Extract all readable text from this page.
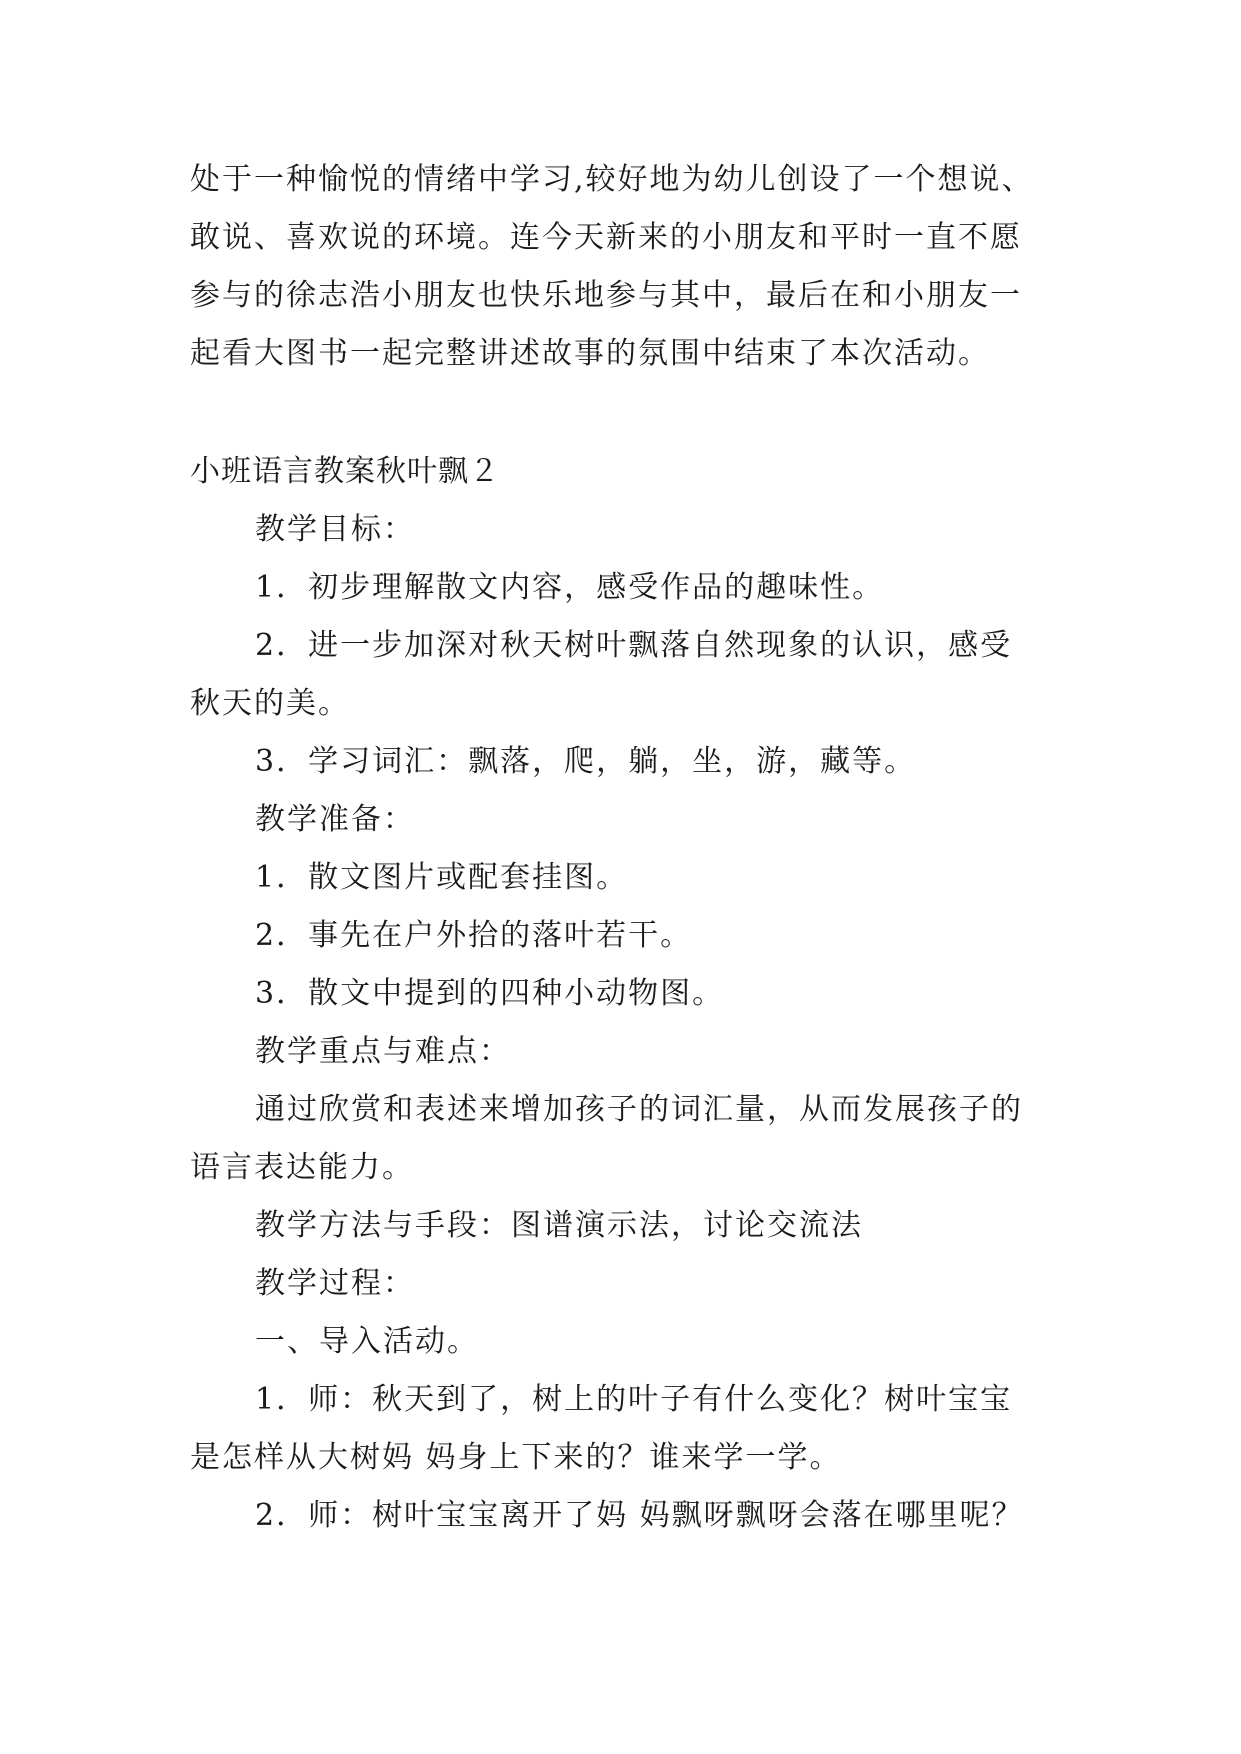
处于一种愉悦的情绪中学习,较好地为幼儿创设了一个想说、
敢说、喜欢说的环境。连今天新来的小朋友和平时一直不愿
参与的徐志浩小朋友也快乐地参与其中，最后在和小朋友一
起看大图书一起完整讲述故事的氛围中结束了本次活动。
小班语言教案秋叶飘２
教学目标：
1．初步理解散文内容，感受作品的趣味性。
2．进一步加深对秋天树叶飘落自然现象的认识，感受
秋天的美。
3．学习词汇：飘落，爬，躺，坐，游，藏等。
教学准备：
1．散文图片或配套挂图。
2．事先在户外拾的落叶若干。
3．散文中提到的四种小动物图。
教学重点与难点：
通过欣赏和表述来增加孩子的词汇量，从而发展孩子的
语言表达能力。
教学方法与手段：图谱演示法，讨论交流法
教学过程：
一、导入活动。
1．师：秋天到了，树上的叶子有什么变化？树叶宝宝
是怎样从大树妈 妈身上下来的？谁来学一学。
2．师：树叶宝宝离开了妈 妈飘呀飘呀会落在哪里呢？
